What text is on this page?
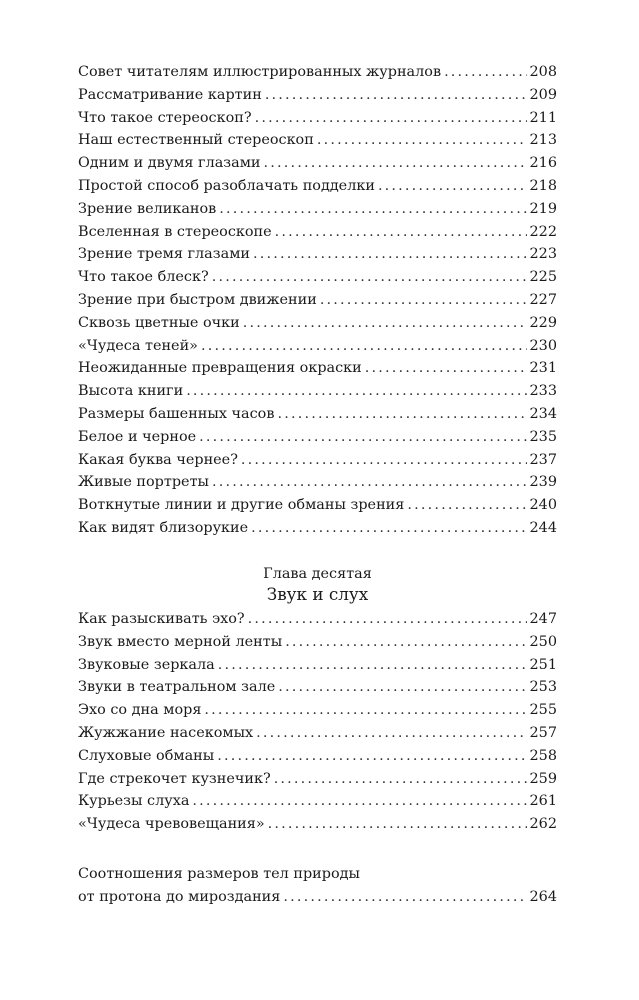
Совет читателям иллюстрированных журналов . . .	208
Рассматривание картин . . .	209
Что такое стереоскоп? . . .	211
Наш естественный стереоскоп . . .	213
Одним и двумя глазами . . .	216
Простой способ разоблачать подделки . . .	218
Зрение великанов . . .	219
Вселенная в стереоскопе . . .	222
Зрение тремя глазами . . .	223
Что такое блеск? . . .	225
Зрение при быстром движении . . .	227
Сквозь цветные очки . . .	229
«Чудеса теней» . . .	230
Неожиданные превращения окраски . . .	231
Высота книги . . .	233
Размеры башенных часов . . .	234
Белое и черное . . .	235
Какая буква чернее? . . .	237
Живые портреты . . .	239
Воткнутые линии и другие обманы зрения . . .	240
Как видят близорукие . . .	244
Глава десятая
Звук и слух
Как разыскивать эхо? . . .	247
Звук вместо мерной ленты . . .	250
Звуковые зеркала . . .	251
Звуки в театральном зале . . .	253
Эхо со дна моря . . .	255
Жужжание насекомых . . .	257
Слуховые обманы . . .	258
Где стрекочет кузнечик? . . .	259
Курьезы слуха . . .	261
«Чудеса чревовещания» . . .	262
Соотношения размеров тел природы
от протона до мироздания . . .	264
